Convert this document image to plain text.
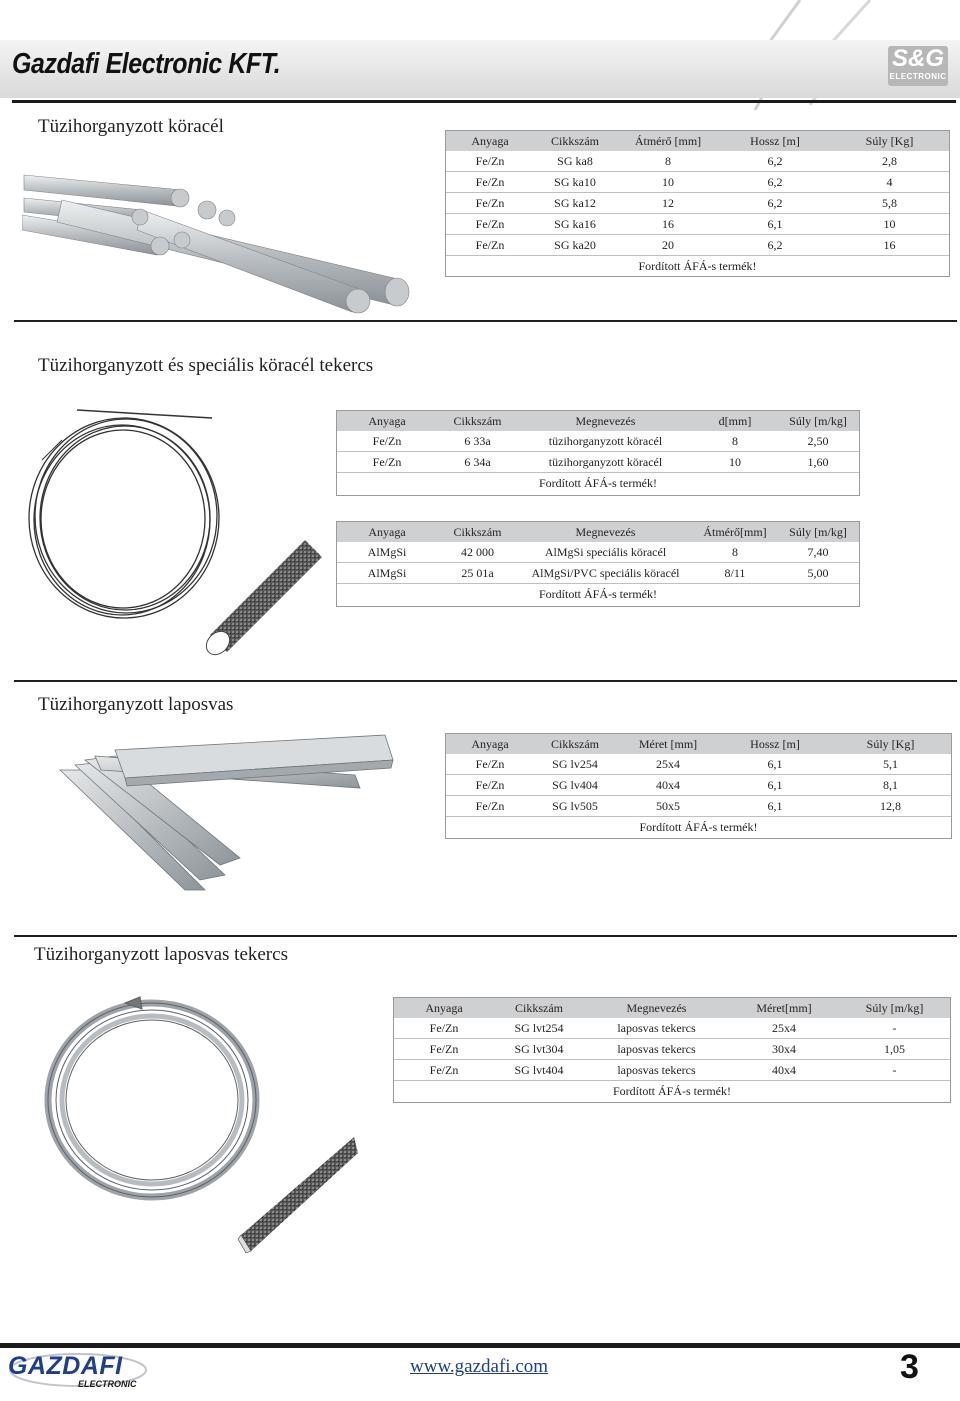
Gazdafi Electronic KFT.	S&G
ELECTRONIC
Tüzihorganyzott köracél
Anyaga	Cikkszám	Átmérő [mm]	Hossz [m]	Súly [Kg]
Fe/Zn	SG ka8	8	6,2	2,8
Fe/Zn	SG ka10	10	6,2	4
Fe/Zn	SG ka12	12	6,2	5,8
Fe/Zn	SG ka16	16	6,1	10
Fe/Zn	SG ka20	20	6,2	16
Fordított ÁFÁ-s termék!				
Tüzihorganyzott és speciális köracél tekercs
Anyaga	Cikkszám	Megnevezés	d[mm]	Súly [m/kg]
Fe/Zn	6 33a	tüzihorganyzott köracél	8	2,50
Fe/Zn	6 34a	tüzihorganyzott köracél	10	1,60
Fordított ÁFÁ-s termék!				
Anyaga	Cikkszám	Megnevezés	Átmérő[mm]	Súly [m/kg]
AlMgSi	42 000	AlMgSi speciális köracél	8	7,40
AlMgSi	25 01a	AlMgSi/PVC speciális köracél	8/11	5,00
Fordított ÁFÁ-s termék!				
Tüzihorganyzott laposvas
Anyaga	Cikkszám	Méret [mm]	Hossz [m]	Súly [Kg]
Fe/Zn	SG lv254	25x4	6,1	5,1
Fe/Zn	SG lv404	40x4	6,1	8,1
Fe/Zn	SG lv505	50x5	6,1	12,8
Fordított ÁFÁ-s termék!				
Tüzihorganyzott laposvas tekercs
Anyaga	Cikkszám	Megnevezés	Méret[mm]	Súly [m/kg]
Fe/Zn	SG lvt254	laposvas tekercs	25x4	-
Fe/Zn	SG lvt304	laposvas tekercs	30x4	1,05
Fe/Zn	SG lvt404	laposvas tekercs	40x4	-
Fordított ÁFÁ-s termék!				
GAZDAFI
ELECTRONIC
www.gazdafi.com	3
